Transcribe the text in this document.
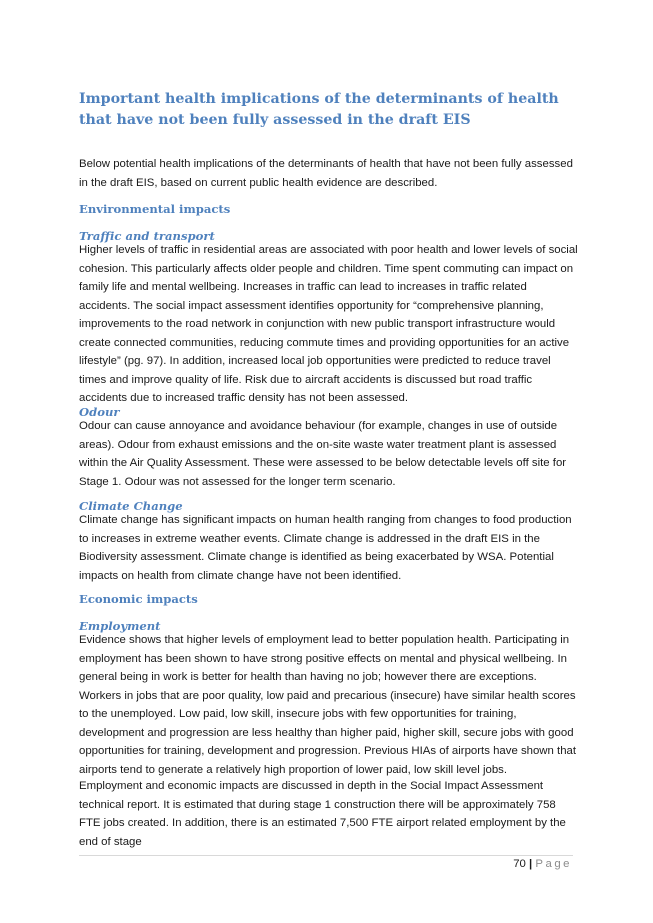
Important health implications of the determinants of health that have not been fully assessed in the draft EIS

Below potential health implications of the determinants of health that have not been fully assessed in the draft EIS, based on current public health evidence are described.

Environmental impacts
Traffic and transport

Higher levels of traffic in residential areas are associated with poor health and lower levels of social cohesion. This particularly affects older people and children. Time spent commuting can impact on family life and mental wellbeing. Increases in traffic can lead to increases in traffic related accidents. The social impact assessment identifies opportunity for “comprehensive planning, improvements to the road network in conjunction with new public transport infrastructure would create connected communities, reducing commute times and providing opportunities for an active lifestyle” (pg. 97). In addition, increased local job opportunities were predicted to reduce travel times and improve quality of life. Risk due to aircraft accidents is discussed but road traffic accidents due to increased traffic density has not been assessed.

Odour

Odour can cause annoyance and avoidance behaviour (for example, changes in use of outside areas). Odour from exhaust emissions and the on-site waste water treatment plant is assessed within the Air Quality Assessment. These were assessed to be below detectable levels off site for Stage 1. Odour was not assessed for the longer term scenario.

Climate Change

Climate change has significant impacts on human health ranging from changes to food production to increases in extreme weather events. Climate change is addressed in the draft EIS in the Biodiversity assessment. Climate change is identified as being exacerbated by WSA. Potential impacts on health from climate change have not been identified.

Economic impacts
Employment

Evidence shows that higher levels of employment lead to better population health. Participating in employment has been shown to have strong positive effects on mental and physical wellbeing. In general being in work is better for health than having no job; however there are exceptions. Workers in jobs that are poor quality, low paid and precarious (insecure) have similar health scores to the unemployed. Low paid, low skill, insecure jobs with few opportunities for training, development and progression are less healthy than higher paid, higher skill, secure jobs with good opportunities for training, development and progression. Previous HIAs of airports have shown that airports tend to generate a relatively high proportion of lower paid, low skill level jobs.

Employment and economic impacts are discussed in depth in the Social Impact Assessment technical report. It is estimated that during stage 1 construction there will be approximately 758 FTE jobs created. In addition, there is an estimated 7,500 FTE airport related employment by the end of stage

70 | Page
